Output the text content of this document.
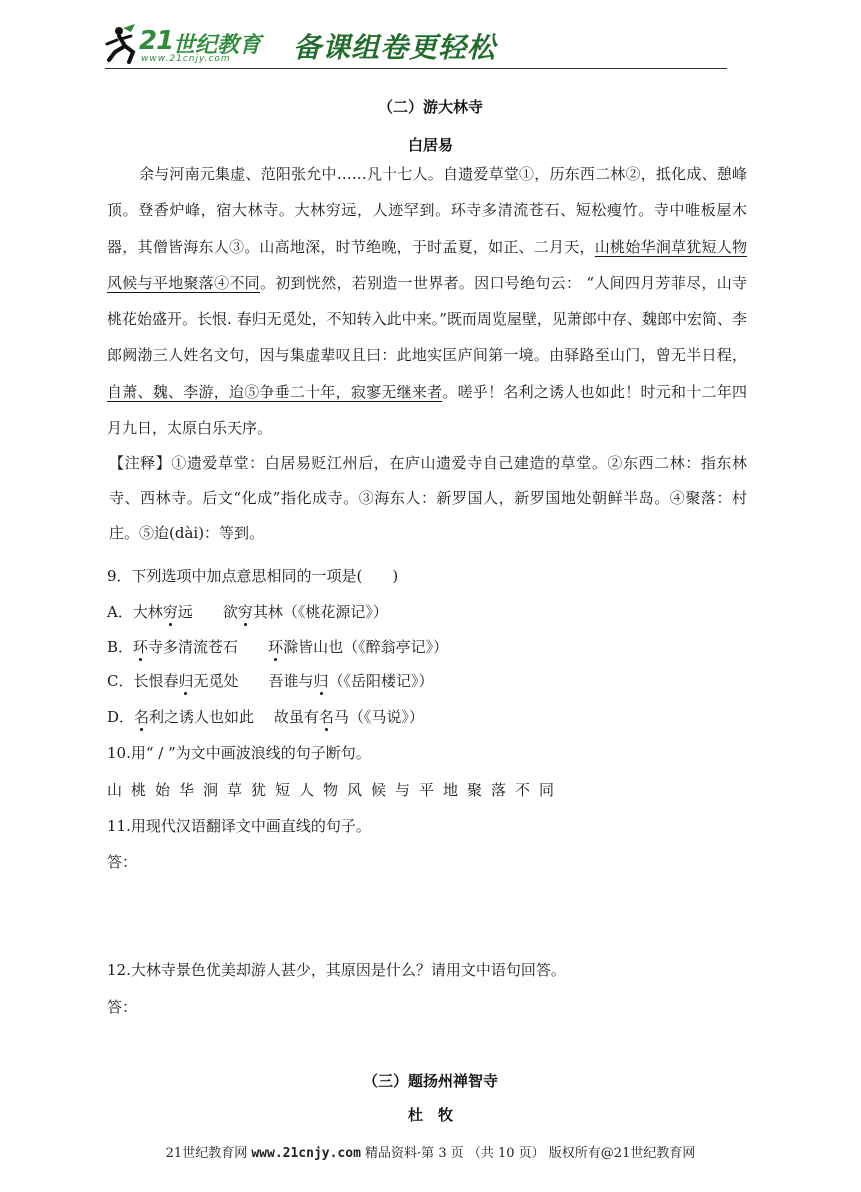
21 世纪教育
www.21cnjy.com 备课组卷更轻松
（二）游大林寺
白居易
余与河南元集虚、范阳张允中……凡十七人。自遗爱草堂①，历东西二林②，抵化成、憩峰顶。登香炉峰，宿大林寺。大林穷远，人迹罕到。环寺多清流苍石、短松瘦竹。寺中唯板屋木器，其僧皆海东人③。山高地深，时节绝晚，于时孟夏，如正、二月天，山桃始华涧草犹短人物风候与平地聚落④不同。初到恍然，若别造一世界者。因口号绝句云： “人间四月芳菲尽，山寺桃花始盛开。长恨. 春归无觅处，不知转入此中来。”既而周览屋壁，见萧郎中存、魏郎中宏简、李郎阙渤三人姓名文句，因与集虚辈叹且曰：此地实匡庐间第一境。由驿路至山门，曾无半日程，自萧、魏、李游，迨⑤争垂二十年，寂寥无继来者。嗟乎！名利之诱人也如此！时元和十二年四月九日，太原白乐天序。
【注释】①遗爱草堂：白居易贬江州后，在庐山遗爱寺自己建造的草堂。②东西二林：指东林寺、西林寺。后文“化成”指化成寺。③海东人：新罗国人，新罗国地处朝鲜半岛。④聚落：村庄。⑤迨(dài)：等到。
9．下列选项中加点意思相同的一项是(　　)
A．大林穷远　　欲穷其林（《桃花源记》）
B．环寺多清流苍石　　环滁皆山也（《醉翁亭记》）
C．长恨春归无觅处　　吾谁与归（《岳阳楼记》）
D．名利之诱人也如此　 故虽有名马（《马说》）
10.用“ / ”为文中画波浪线的句子断句。
山桃始华涧草犹短人物风候与平地聚落不同
11.用现代汉语翻译文中画直线的句子。
答：
12.大林寺景色优美却游人甚少，其原因是什么？请用文中语句回答。
答：
（三）题扬州禅智寺
杜　牧
21世纪教育网 www.21cnjy.com 精品资料·第 3 页 （共 10 页） 版权所有@21世纪教育网
